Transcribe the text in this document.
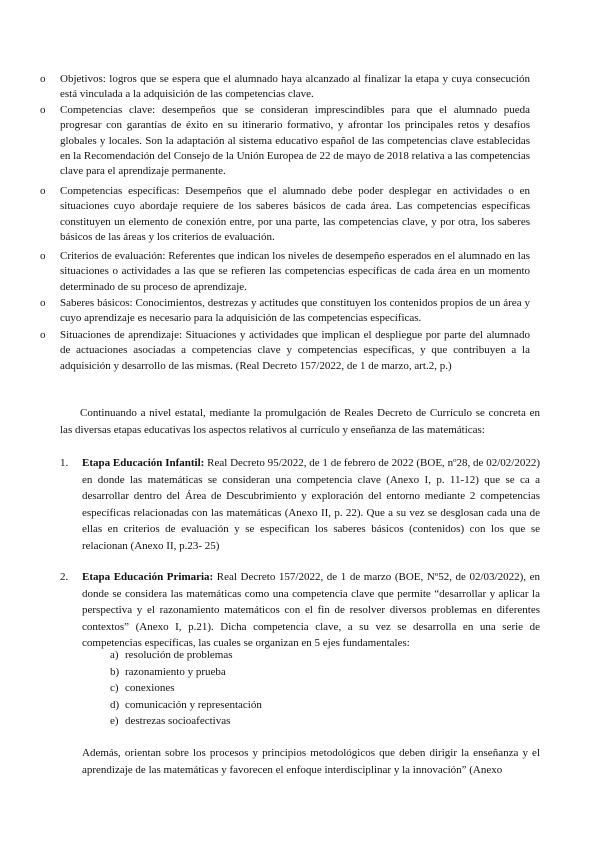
o Objetivos: logros que se espera que el alumnado haya alcanzado al finalizar la etapa y cuya consecución está vinculada a la adquisición de las competencias clave.
o Competencias clave: desempeños que se consideran imprescindibles para que el alumnado pueda progresar con garantías de éxito en su itinerario formativo, y afrontar los principales retos y desafíos globales y locales. Son la adaptación al sistema educativo español de las competencias clave establecidas en la Recomendación del Consejo de la Unión Europea de 22 de mayo de 2018 relativa a las competencias clave para el aprendizaje permanente.
o Competencias específicas: Desempeños que el alumnado debe poder desplegar en actividades o en situaciones cuyo abordaje requiere de los saberes básicos de cada área. Las competencias específicas constituyen un elemento de conexión entre, por una parte, las competencias clave, y por otra, los saberes básicos de las áreas y los criterios de evaluación.
o Criterios de evaluación: Referentes que indican los niveles de desempeño esperados en el alumnado en las situaciones o actividades a las que se refieren las competencias específicas de cada área en un momento determinado de su proceso de aprendizaje.
o Saberes básicos: Conocimientos, destrezas y actitudes que constituyen los contenidos propios de un área y cuyo aprendizaje es necesario para la adquisición de las competencias específicas.
o Situaciones de aprendizaje: Situaciones y actividades que implican el despliegue por parte del alumnado de actuaciones asociadas a competencias clave y competencias específicas, y que contribuyen a la adquisición y desarrollo de las mismas. (Real Decreto 157/2022, de 1 de marzo, art.2, p.)
Continuando a nivel estatal, mediante la promulgación de Reales Decreto de Currículo se concreta en las diversas etapas educativas los aspectos relativos al currículo y enseñanza de las matemáticas:
1. Etapa Educación Infantil: Real Decreto 95/2022, de 1 de febrero de 2022 (BOE, nº28, de 02/02/2022) en donde las matemáticas se consideran una competencia clave (Anexo I, p. 11-12) que se ca a desarrollar dentro del Área de Descubrimiento y exploración del entorno mediante 2 competencias específicas relacionadas con las matemáticas (Anexo II, p. 22). Que a su vez se desglosan cada una de ellas en criterios de evaluación y se especifican los saberes básicos (contenidos) con los que se relacionan (Anexo II, p.23- 25)
2. Etapa Educación Primaria: Real Decreto 157/2022, de 1 de marzo (BOE, Nº52, de 02/03/2022), en donde se considera las matemáticas como una competencia clave que permite “desarrollar y aplicar la perspectiva y el razonamiento matemáticos con el fin de resolver diversos problemas en diferentes contextos” (Anexo I, p.21). Dicha competencia clave, a su vez se desarrolla en una serie de competencias específicas, las cuales se organizan en 5 ejes fundamentales:
a) resolución de problemas
b) razonamiento y prueba
c) conexiones
d) comunicación y representación
e) destrezas socioafectivas
Además, orientan sobre los procesos y principios metodológicos que deben dirigir la enseñanza y el aprendizaje de las matemáticas y favorecen el enfoque interdisciplinar y la innovación” (Anexo
